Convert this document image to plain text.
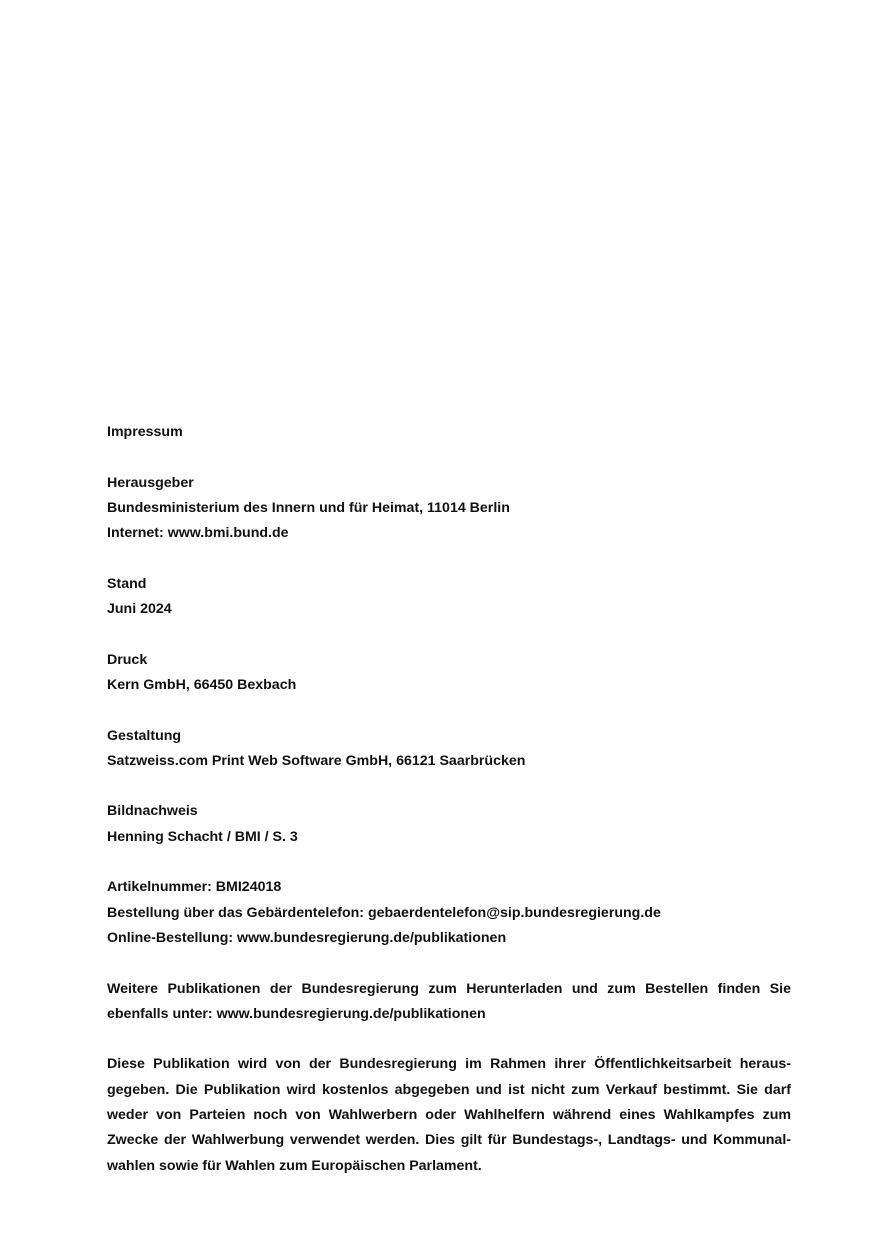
Impressum

Herausgeber

Bundesministerium des Innern und für Heimat, 11014 Berlin

Internet: www.bmi.bund.de

Stand

Juni 2024

Druck

Kern GmbH, 66450 Bexbach

Gestaltung

Satzweiss.com Print Web Software GmbH, 66121 Saarbrücken

Bildnachweis

Henning Schacht / BMI / S. 3

Artikelnummer: BMI24018

Bestellung über das Gebärdentelefon: gebaerdentelefon@sip.bundesregierung.de

Online-Bestellung: www.bundesregierung.de/publikationen

Weitere Publikationen der Bundesregierung zum Herunterladen und zum Bestellen finden Sie ebenfalls unter: www.bundesregierung.de/publikationen

Diese Publikation wird von der Bundesregierung im Rahmen ihrer Öffentlichkeitsarbeit herausgegeben. Die Publikation wird kostenlos abgegeben und ist nicht zum Verkauf bestimmt. Sie darf weder von Parteien noch von Wahlwerbern oder Wahlhelfern während eines Wahlkampfes zum Zwecke der Wahlwerbung verwendet werden. Dies gilt für Bundestags-, Landtags- und Kommunalwahlen sowie für Wahlen zum Europäischen Parlament.
